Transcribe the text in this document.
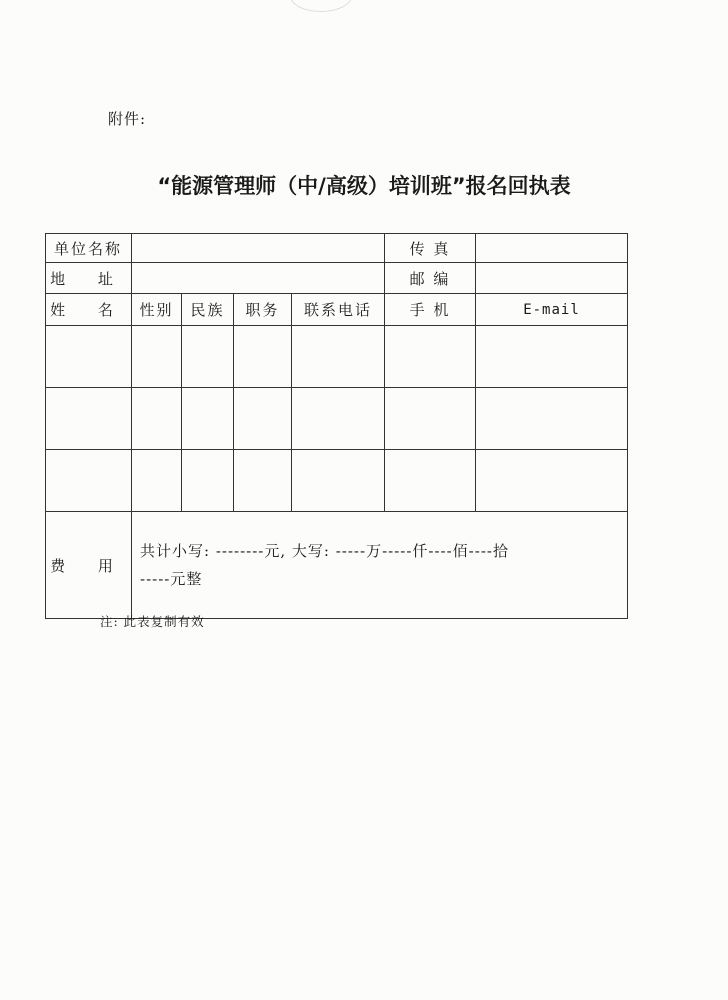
附件:
“能源管理师（中/高级）培训班”报名回执表
单位名称					传 真	
地 址					邮 编	
姓 名	性别	民族	职务	联系电话	手 机	E-mail

费 用	共计小写: --------元, 大写: -----万-----仟----佰----拾
-----元整					
注: 此表复制有效
